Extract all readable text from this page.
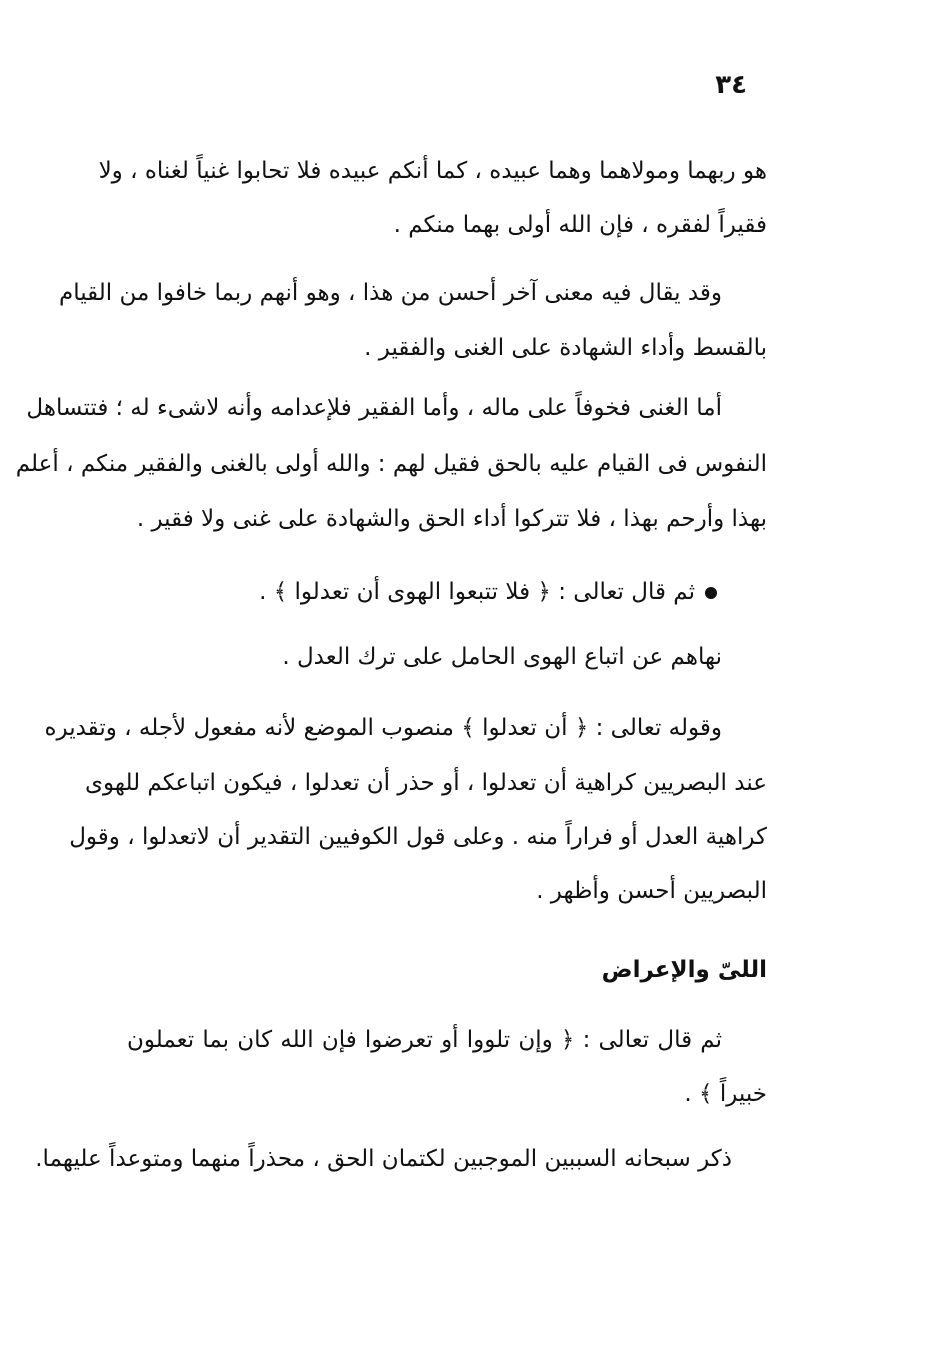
٣٤
هو ربهما ومولاهما وهما عبيده ، كما أنكم عبيده فلا تحابوا غنياً لغناه ، ولا
فقيراً لفقره ، فإن الله أولى بهما منكم .
وقد يقال فيه معنى آخر أحسن من هذا ، وهو أنهم ربما خافوا من القيام
بالقسط وأداء الشهادة على الغنى والفقير .
أما الغنى فخوفاً على ماله ، وأما الفقير فلإعدامه وأنه لاشىء له ؛ فتتساهل
النفوس فى القيام عليه بالحق فقيل لهم : والله أولى بالغنى والفقير منكم ، أعلم
بهذا وأرحم بهذا ، فلا تتركوا أداء الحق والشهادة على غنى ولا فقير .
ثم قال تعالى : ﴿ فلا تتبعوا الهوى أن تعدلوا ﴾ .
نهاهم عن اتباع الهوى الحامل على ترك العدل .
وقوله تعالى : ﴿ أن تعدلوا ﴾ منصوب الموضع لأنه مفعول لأجله ، وتقديره
عند البصريين كراهية أن تعدلوا ، أو حذر أن تعدلوا ، فيكون اتباعكم للهوى
كراهية العدل أو فراراً منه . وعلى قول الكوفيين التقدير أن لاتعدلوا ، وقول
البصريين أحسن وأظهر .
اللىّ والإعراض
ثم قال تعالى : ﴿ وإن تلووا أو تعرضوا فإن الله كان بما تعملون
خبيراً ﴾ .
ذكر سبحانه السببين الموجبين لكتمان الحق ، محذراً منهما ومتوعداً عليهما.
